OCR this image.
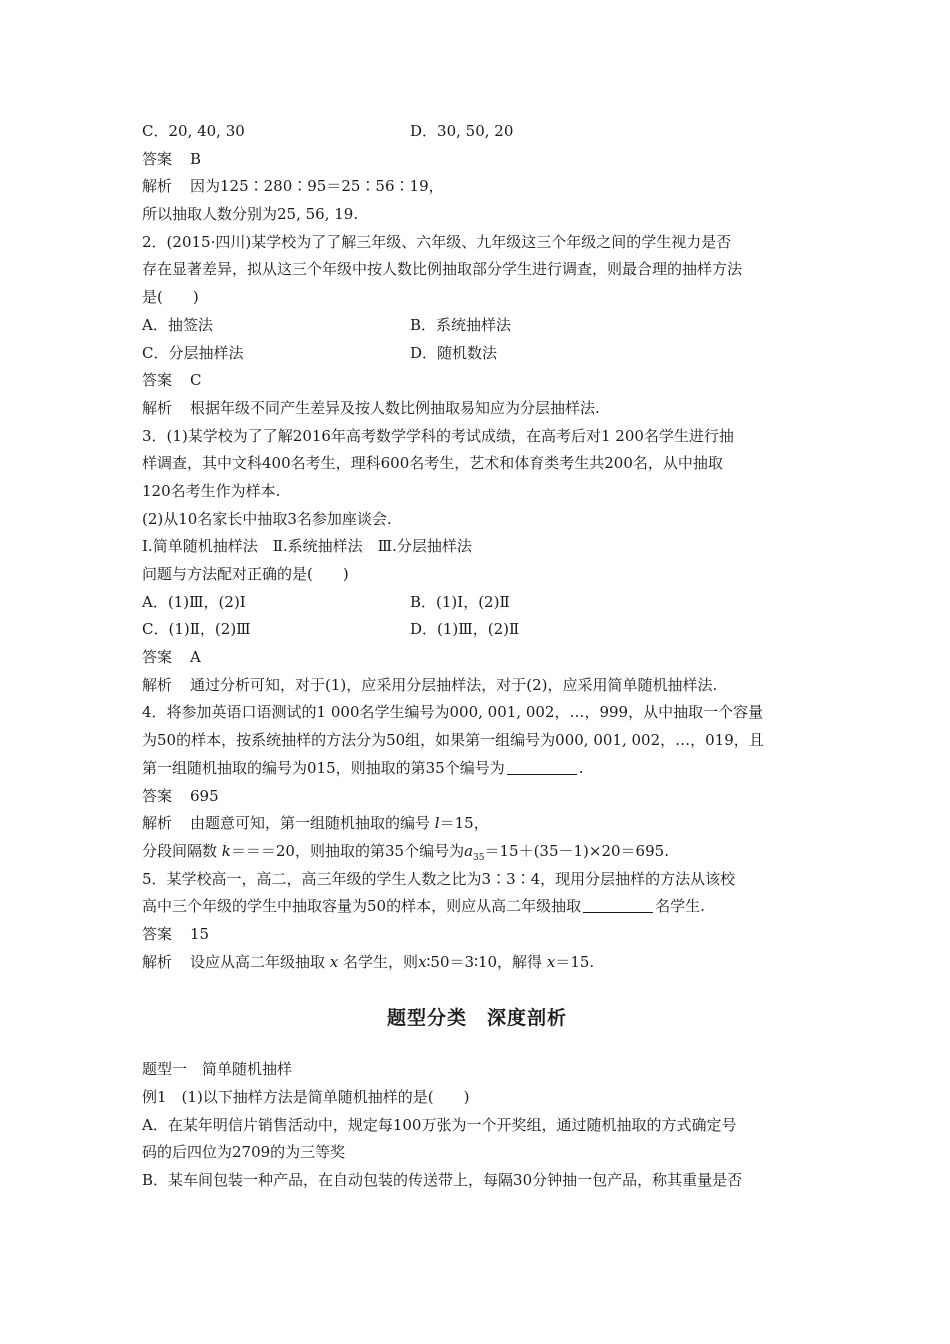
C．20, 40, 30	D．30, 50, 20
答案 B
解析 因为125∶280∶95＝25∶56∶19，
所以抽取人数分别为25, 56, 19.
2．(2015·四川)某学校为了了解三年级、六年级、九年级这三个年级之间的学生视力是否
存在显著差异，拟从这三个年级中按人数比例抽取部分学生进行调查，则最合理的抽样方法
是(　　)
A．抽签法	B．系统抽样法
C．分层抽样法	D．随机数法
答案 C
解析 根据年级不同产生差异及按人数比例抽取易知应为分层抽样法.
3．(1)某学校为了了解2016年高考数学学科的考试成绩，在高考后对1 200名学生进行抽
样调查，其中文科400名考生，理科600名考生，艺术和体育类考生共200名，从中抽取
120名考生作为样本.
(2)从10名家长中抽取3名参加座谈会.
Ⅰ.简单随机抽样法　Ⅱ.系统抽样法　Ⅲ.分层抽样法
问题与方法配对正确的是(　　)
A．(1)Ⅲ，(2)Ⅰ	B．(1)Ⅰ，(2)Ⅱ
C．(1)Ⅱ，(2)Ⅲ	D．(1)Ⅲ，(2)Ⅱ
答案 A
解析 通过分析可知，对于(1)，应采用分层抽样法，对于(2)，应采用简单随机抽样法.
4．将参加英语口语测试的1 000名学生编号为000, 001, 002，…，999，从中抽取一个容量
为50的样本，按系统抽样的方法分为50组，如果第一组编号为000, 001, 002，…，019，且
第一组随机抽取的编号为015，则抽取的第35个编号为	.
答案 695
解析 由题意可知，第一组随机抽取的编号 l＝15，
分段间隔数 k＝＝＝20，则抽取的第35个编号为$a_{35}=15+(35-1)\times 20=695$.
5．某学校高一，高二，高三年级的学生人数之比为3∶3∶4，现用分层抽样的方法从该校
高中三个年级的学生中抽取容量为50的样本，则应从高二年级抽取	名学生.
答案 15
解析 设应从高二年级抽取 x 名学生，则x∶50＝3∶10，解得 x＝15.
题型分类　深度剖析
题型一　简单随机抽样
例1　(1)以下抽样方法是简单随机抽样的是(　　)
A．在某年明信片销售活动中，规定每100万张为一个开奖组，通过随机抽取的方式确定号
码的后四位为2709的为三等奖
B．某车间包装一种产品，在自动包装的传送带上，每隔30分钟抽一包产品，称其重量是否
